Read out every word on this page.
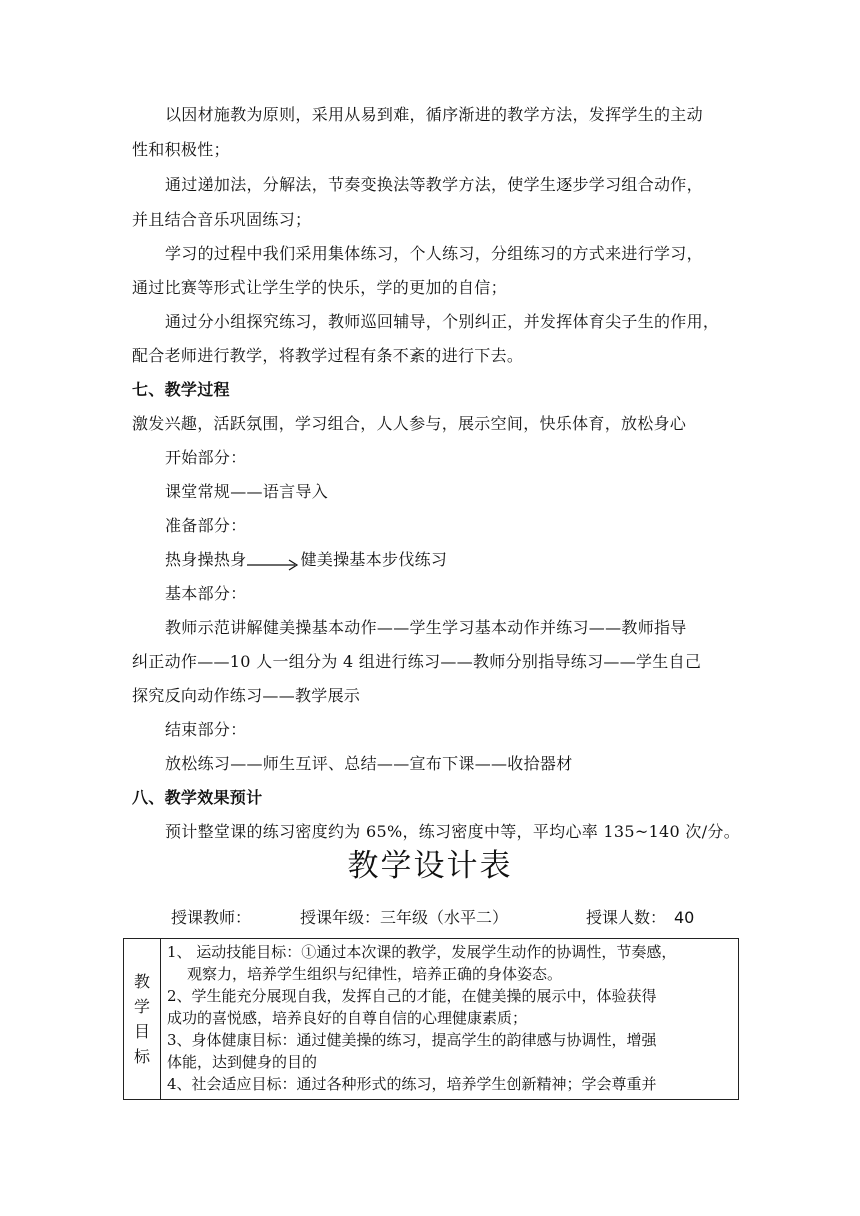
以因材施教为原则，采用从易到难，循序渐进的教学方法，发挥学生的主动
性和积极性；
通过递加法，分解法，节奏变换法等教学方法，使学生逐步学习组合动作，
并且结合音乐巩固练习；
学习的过程中我们采用集体练习，个人练习，分组练习的方式来进行学习，
通过比赛等形式让学生学的快乐，学的更加的自信；
通过分小组探究练习，教师巡回辅导，个别纠正，并发挥体育尖子生的作用，
配合老师进行教学，将教学过程有条不紊的进行下去。
七、教学过程
激发兴趣，活跃氛围，学习组合，人人参与，展示空间，快乐体育，放松身心
开始部分：
课堂常规——语言导入
准备部分：
热身操热身	健美操基本步伐练习
基本部分：
教师示范讲解健美操基本动作——学生学习基本动作并练习——教师指导
纠正动作——10 人一组分为 4 组进行练习——教师分别指导练习——学生自己
探究反向动作练习——教学展示
结束部分：
放松练习——师生互评、总结——宣布下课——收拾器材
八、教学效果预计
预计整堂课的练习密度约为 65%，练习密度中等，平均心率 135~140 次/分。
教学设计表
授课教师：	授课年级：三年级（水平二）	授课人数： 40
教
学
目
标

1、 运动技能目标：①通过本次课的教学，发展学生动作的协调性，节奏感，
观察力，培养学生组织与纪律性，培养正确的身体姿态。
2、学生能充分展现自我，发挥自己的才能，在健美操的展示中，体验获得
成功的喜悦感，培养良好的自尊自信的心理健康素质；
3、身体健康目标：通过健美操的练习，提高学生的韵律感与协调性，增强
体能，达到健身的目的
4、社会适应目标：通过各种形式的练习，培养学生创新精神；学会尊重并
